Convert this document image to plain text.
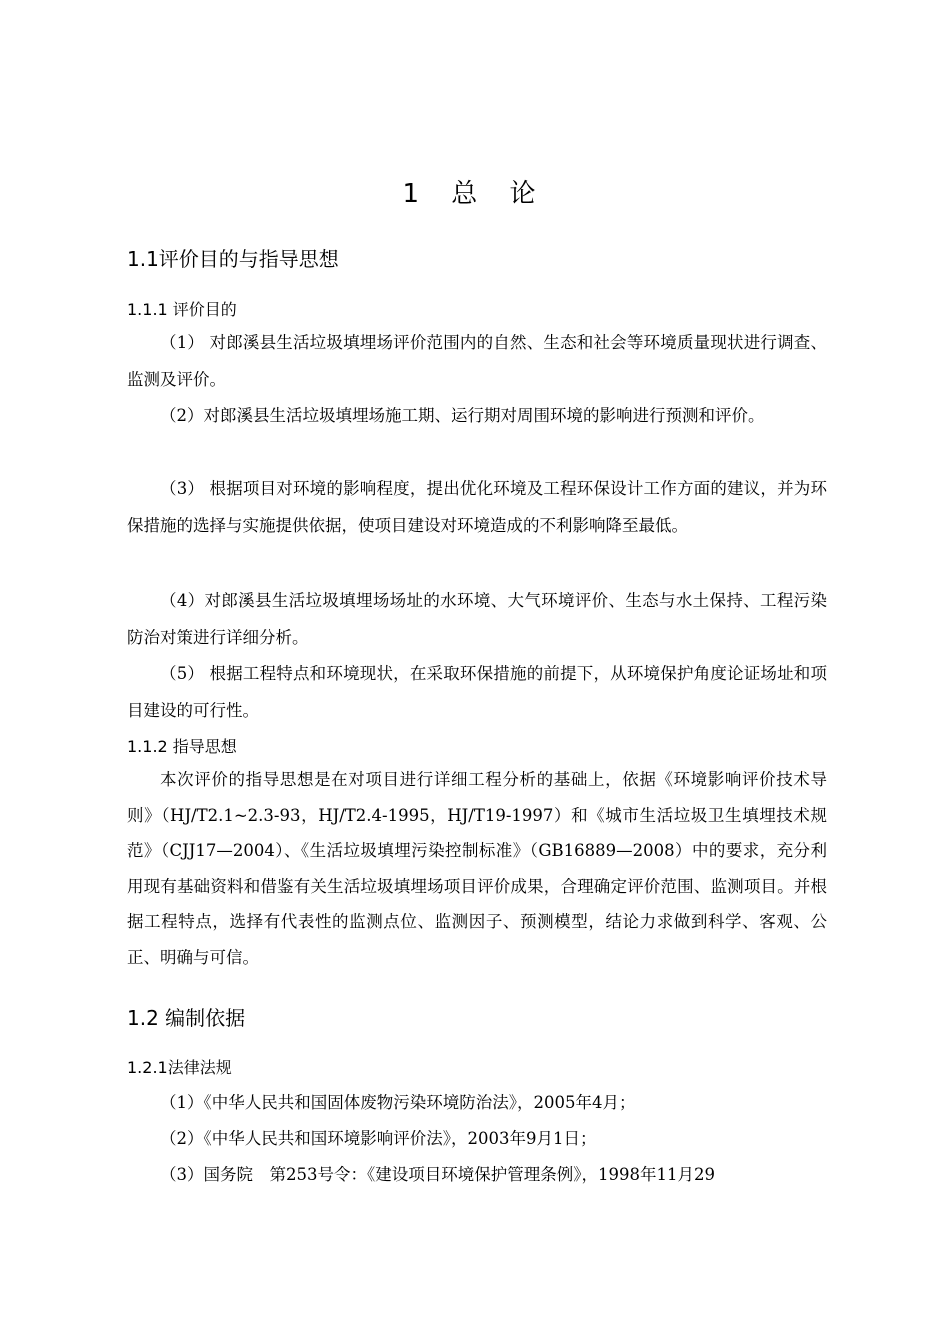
1 总 论
1.1评价目的与指导思想
1.1.1 评价目的
（1） 对郎溪县生活垃圾填埋场评价范围内的自然、生态和社会等环境质量现状进行调查、监测及评价。
（2）对郎溪县生活垃圾填埋场施工期、运行期对周围环境的影响进行预测和评价。
（3） 根据项目对环境的影响程度，提出优化环境及工程环保设计工作方面的建议，并为环保措施的选择与实施提供依据，使项目建设对环境造成的不利影响降至最低。
（4）对郎溪县生活垃圾填埋场场址的水环境、大气环境评价、生态与水土保持、工程污染防治对策进行详细分析。
（5） 根据工程特点和环境现状，在采取环保措施的前提下，从环境保护角度论证场址和项目建设的可行性。
1.1.2 指导思想
本次评价的指导思想是在对项目进行详细工程分析的基础上，依据《环境影响评价技术导则》（HJ/T2.1~2.3-93，HJ/T2.4-1995，HJ/T19-1997）和《城市生活垃圾卫生填埋技术规范》（CJJ17—2004）、《生活垃圾填埋污染控制标准》（GB16889—2008）中的要求，充分利用现有基础资料和借鉴有关生活垃圾填埋场项目评价成果，合理确定评价范围、监测项目。并根据工程特点，选择有代表性的监测点位、监测因子、预测模型，结论力求做到科学、客观、公正、明确与可信。
1.2 编制依据
1.2.1法律法规
（1）《中华人民共和国固体废物污染环境防治法》，2005年4月；
（2）《中华人民共和国环境影响评价法》，2003年9月1日；
（3）国务院　第253号令：《建设项目环境保护管理条例》，1998年11月29
